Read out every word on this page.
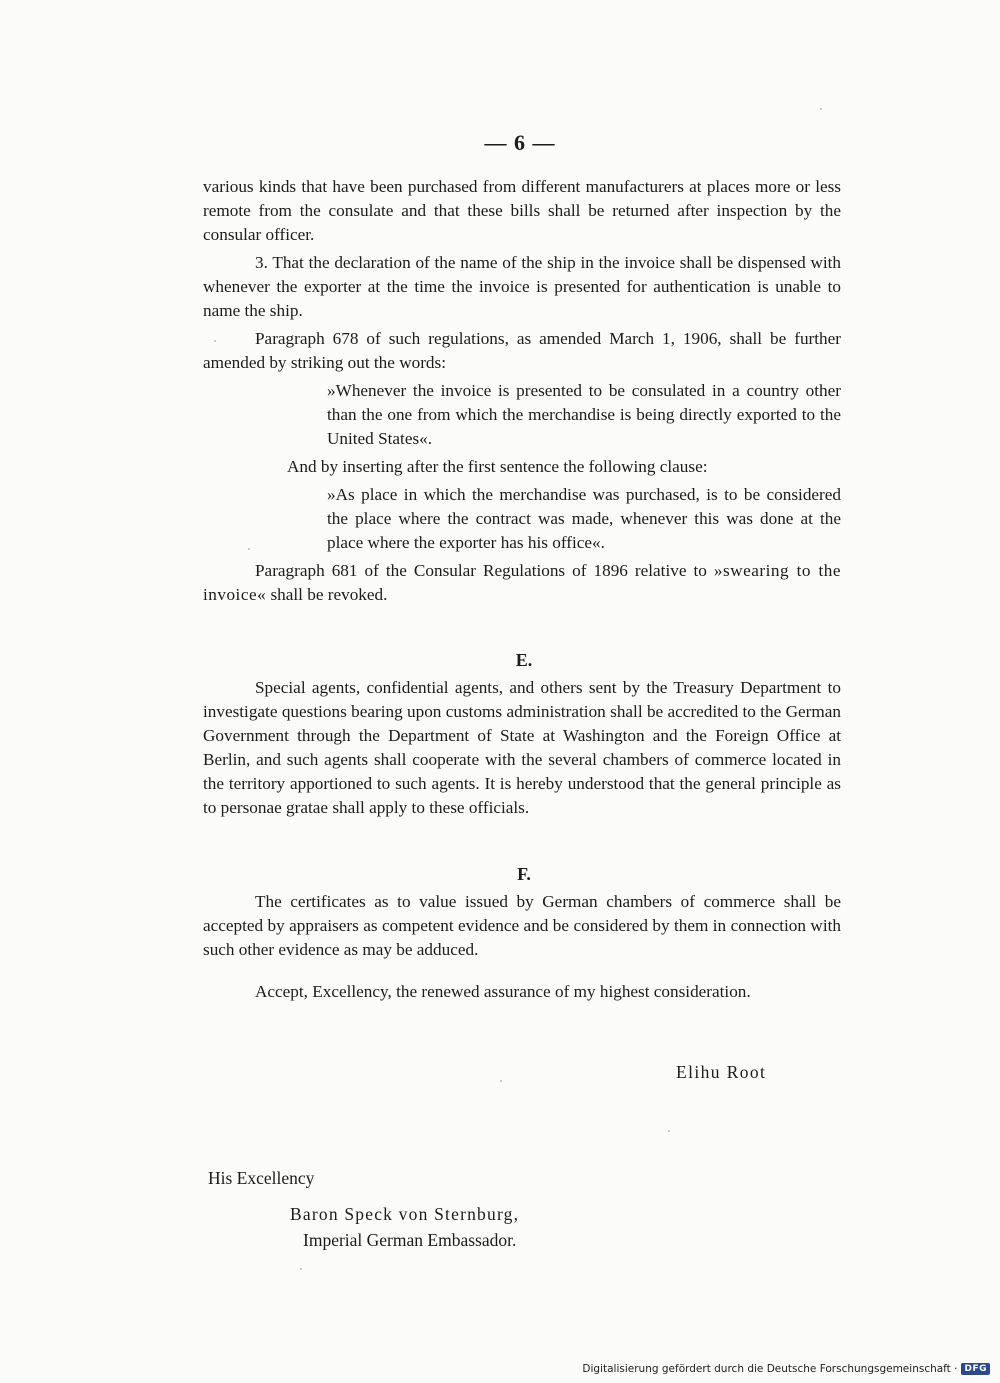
— 6 —

various kinds that have been purchased from different manufacturers at places more or less remote from the consulate and that these bills shall be returned after inspection by the consular officer.

3. That the declaration of the name of the ship in the invoice shall be dispensed with whenever the exporter at the time the invoice is presented for authentication is unable to name the ship.

Paragraph 678 of such regulations, as amended March 1, 1906, shall be further amended by striking out the words:

»Whenever the invoice is presented to be consulated in a country other than the one from which the merchandise is being directly exported to the United States«.

And by inserting after the first sentence the following clause:

»As place in which the merchandise was purchased, is to be considered the place where the contract was made, whenever this was done at the place where the exporter has his office«.

Paragraph 681 of the Consular Regulations of 1896 relative to »swearing to the invoice« shall be revoked.

E.

Special agents, confidential agents, and others sent by the Treasury Department to investigate questions bearing upon customs administration shall be accredited to the German Government through the Department of State at Washington and the Foreign Office at Berlin, and such agents shall cooperate with the several chambers of commerce located in the territory apportioned to such agents. It is hereby understood that the general principle as to personae gratae shall apply to these officials.

F.

The certificates as to value issued by German chambers of commerce shall be accepted by appraisers as competent evidence and be considered by them in connection with such other evidence as may be adduced.

Accept, Excellency, the renewed assurance of my highest consideration.

Elihu Root
His Excellency
Baron Speck von Sternburg,
Imperial German Embassador.
Digitalisierung gefördert durch die Deutsche Forschungsgemeinschaft · DFG
